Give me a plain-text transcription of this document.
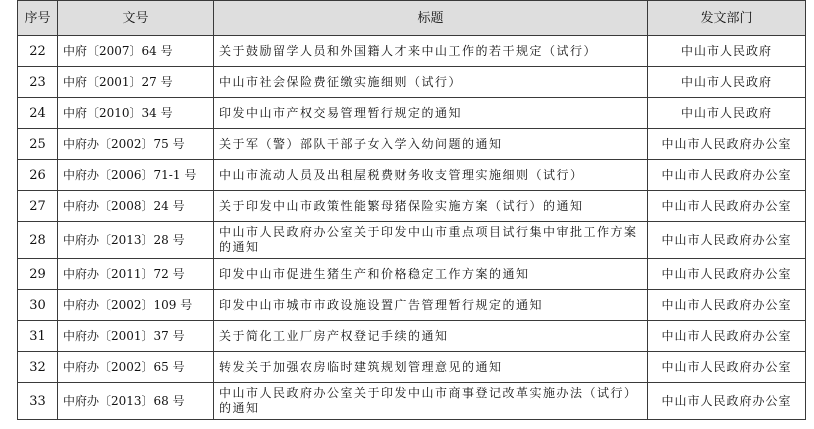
序号	文号	标题	发文部门
22	中府〔2007〕64 号	关于鼓励留学人员和外国籍人才来中山工作的若干规定（试行）	中山市人民政府
23	中府〔2001〕27 号	中山市社会保险费征缴实施细则（试行）	中山市人民政府
24	中府〔2010〕34 号	印发中山市产权交易管理暂行规定的通知	中山市人民政府
25	中府办〔2002〕75 号	关于军（警）部队干部子女入学入幼问题的通知	中山市人民政府办公室
26	中府办〔2006〕71-1 号	中山市流动人员及出租屋税费财务收支管理实施细则（试行）	中山市人民政府办公室
27	中府办〔2008〕24 号	关于印发中山市政策性能繁母猪保险实施方案（试行）的通知	中山市人民政府办公室
28	中府办〔2013〕28 号	中山市人民政府办公室关于印发中山市重点项目试行集中审批工作方案的通知	中山市人民政府办公室
29	中府办〔2011〕72 号	印发中山市促进生猪生产和价格稳定工作方案的通知	中山市人民政府办公室
30	中府办〔2002〕109 号	印发中山市城市市政设施设置广告管理暂行规定的通知	中山市人民政府办公室
31	中府办〔2001〕37 号	关于简化工业厂房产权登记手续的通知	中山市人民政府办公室
32	中府办〔2002〕65 号	转发关于加强农房临时建筑规划管理意见的通知	中山市人民政府办公室
33	中府办〔2013〕68 号	中山市人民政府办公室关于印发中山市商事登记改革实施办法（试行）的通知	中山市人民政府办公室
